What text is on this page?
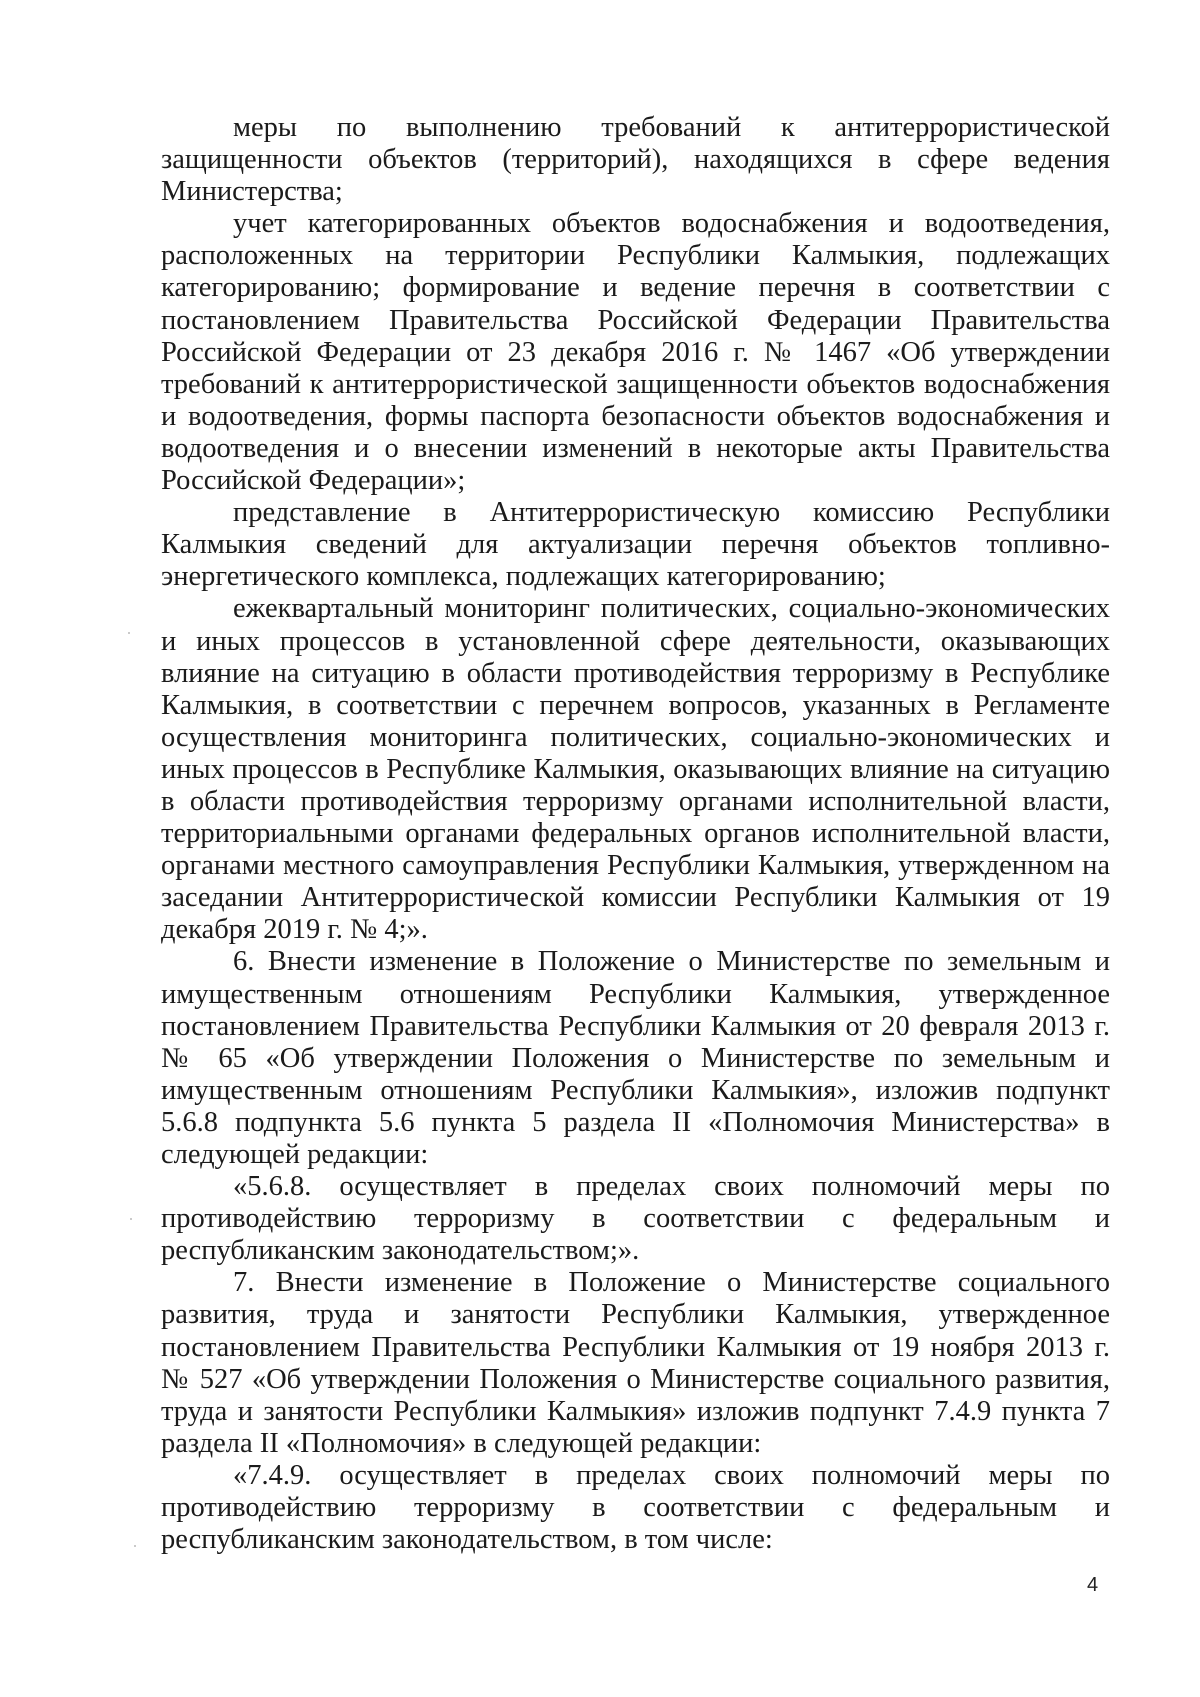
меры по выполнению требований к антитеррористической защищенности объектов (территорий), находящихся в сфере ведения Министерства;

учет категорированных объектов водоснабжения и водоотведения, расположенных на территории Республики Калмыкия, подлежащих категорированию; формирование и ведение перечня в соответствии с постановлением Правительства Российской Федерации Правительства Российской Федерации от 23 декабря 2016 г. № 1467 «Об утверждении требований к антитеррористической защищенности объектов водоснабжения и водоотведения, формы паспорта безопасности объектов водоснабжения и водоотведения и о внесении изменений в некоторые акты Правительства Российской Федерации»;

представление в Антитеррористическую комиссию Республики Калмыкия сведений для актуализации перечня объектов топливно-энергетического комплекса, подлежащих категорированию;

ежеквартальный мониторинг политических, социально-экономических и иных процессов в установленной сфере деятельности, оказывающих влияние на ситуацию в области противодействия терроризму в Республике Калмыкия, в соответствии с перечнем вопросов, указанных в Регламенте осуществления мониторинга политических, социально-экономических и иных процессов в Республике Калмыкия, оказывающих влияние на ситуацию в области противодействия терроризму органами исполнительной власти, территориальными органами федеральных органов исполнительной власти, органами местного самоуправления Республики Калмыкия, утвержденном на заседании Антитеррористической комиссии Республики Калмыкия от 19 декабря 2019 г. № 4;».

6. Внести изменение в Положение о Министерстве по земельным и имущественным отношениям Республики Калмыкия, утвержденное постановлением Правительства Республики Калмыкия от 20 февраля 2013 г. № 65 «Об утверждении Положения о Министерстве по земельным и имущественным отношениям Республики Калмыкия», изложив подпункт 5.6.8 подпункта 5.6 пункта 5 раздела II «Полномочия Министерства» в следующей редакции:

«5.6.8. осуществляет в пределах своих полномочий меры по противодействию терроризму в соответствии с федеральным и республиканским законодательством;».

7. Внести изменение в Положение о Министерстве социального развития, труда и занятости Республики Калмыкия, утвержденное постановлением Правительства Республики Калмыкия от 19 ноября 2013 г. № 527 «Об утверждении Положения о Министерстве социального развития, труда и занятости Республики Калмыкия» изложив подпункт 7.4.9 пункта 7 раздела II «Полномочия» в следующей редакции:

«7.4.9. осуществляет в пределах своих полномочий меры по противодействию терроризму в соответствии с федеральным и республиканским законодательством, в том числе:

4
